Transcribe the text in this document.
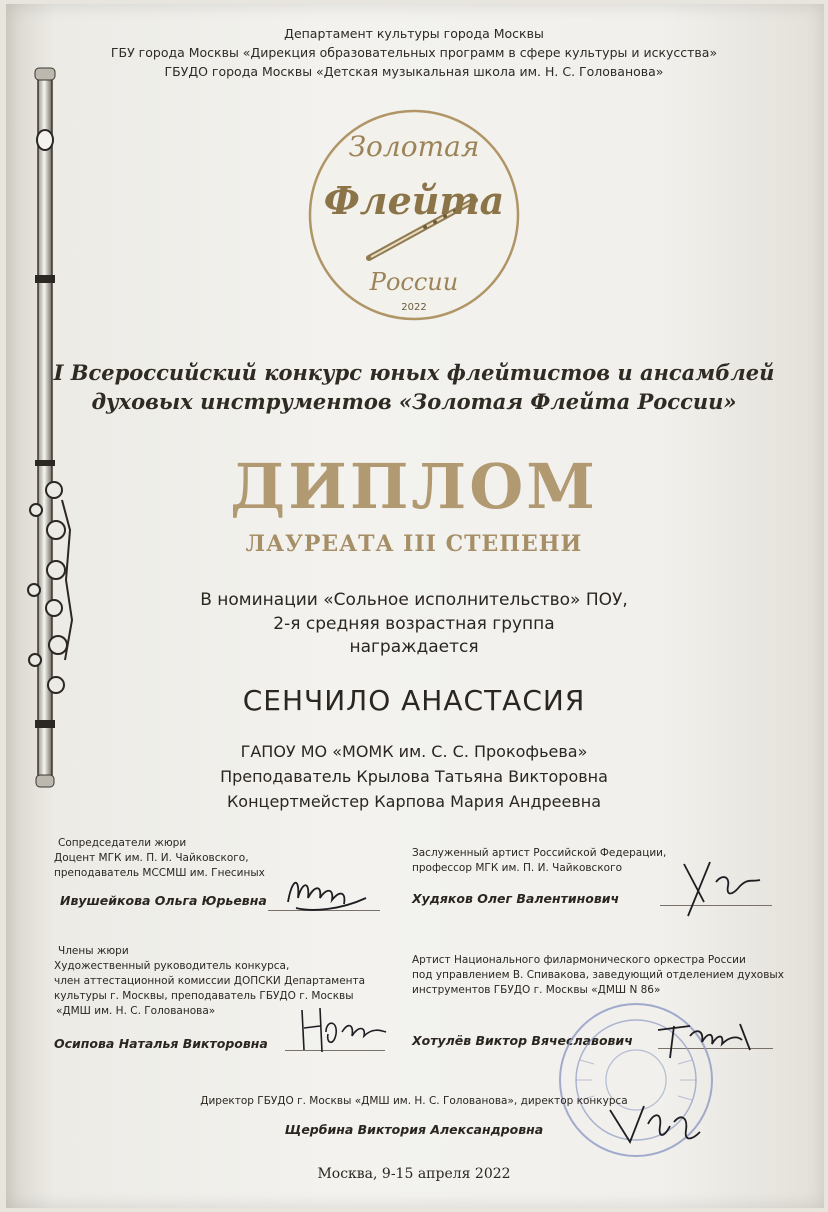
Департамент культуры города Москвы
ГБУ города Москвы «Дирекция образовательных программ в сфере культуры и искусства»
ГБУДО города Москвы «Детская музыкальная школа им. Н. С. Голованова»
Золотая
Флейта
России
2022
I Всероссийский конкурс юных флейтистов и ансамблей
духовых инструментов «Золотая Флейта России»
ДИПЛОМ
ЛАУРЕАТА III СТЕПЕНИ
В номинации «Сольное исполнительство» ПОУ,
2-я средняя возрастная группа
награждается
СЕНЧИЛО АНАСТАСИЯ
ГАПОУ МО «МОМК им. С. С. Прокофьева»
Преподаватель Крылова Татьяна Викторовна
Концертмейстер Карпова Мария Андреевна
Сопредседатели жюри
Доцент МГК им. П. И. Чайковского,
преподаватель МССМШ им. Гнесиных
Ивушейкова Ольга Юрьевна
Заслуженный артист Российской Федерации,
профессор МГК им. П. И. Чайковского
Худяков Олег Валентинович
Члены жюри
Художественный руководитель конкурса,
член аттестационной комиссии ДОПСКИ Департамента
культуры г. Москвы, преподаватель ГБУДО г. Москвы
«ДМШ им. Н. С. Голованова»
Осипова Наталья Викторовна
Артист Национального филармонического оркестра России
под управлением В. Спивакова, заведующий отделением духовых
инструментов ГБУДО г. Москвы «ДМШ N 86»
Хотулёв Виктор Вячеславович
Директор ГБУДО г. Москвы «ДМШ им. Н. С. Голованова», директор конкурса
Щербина Виктория Александровна
Москва, 9-15 апреля 2022
